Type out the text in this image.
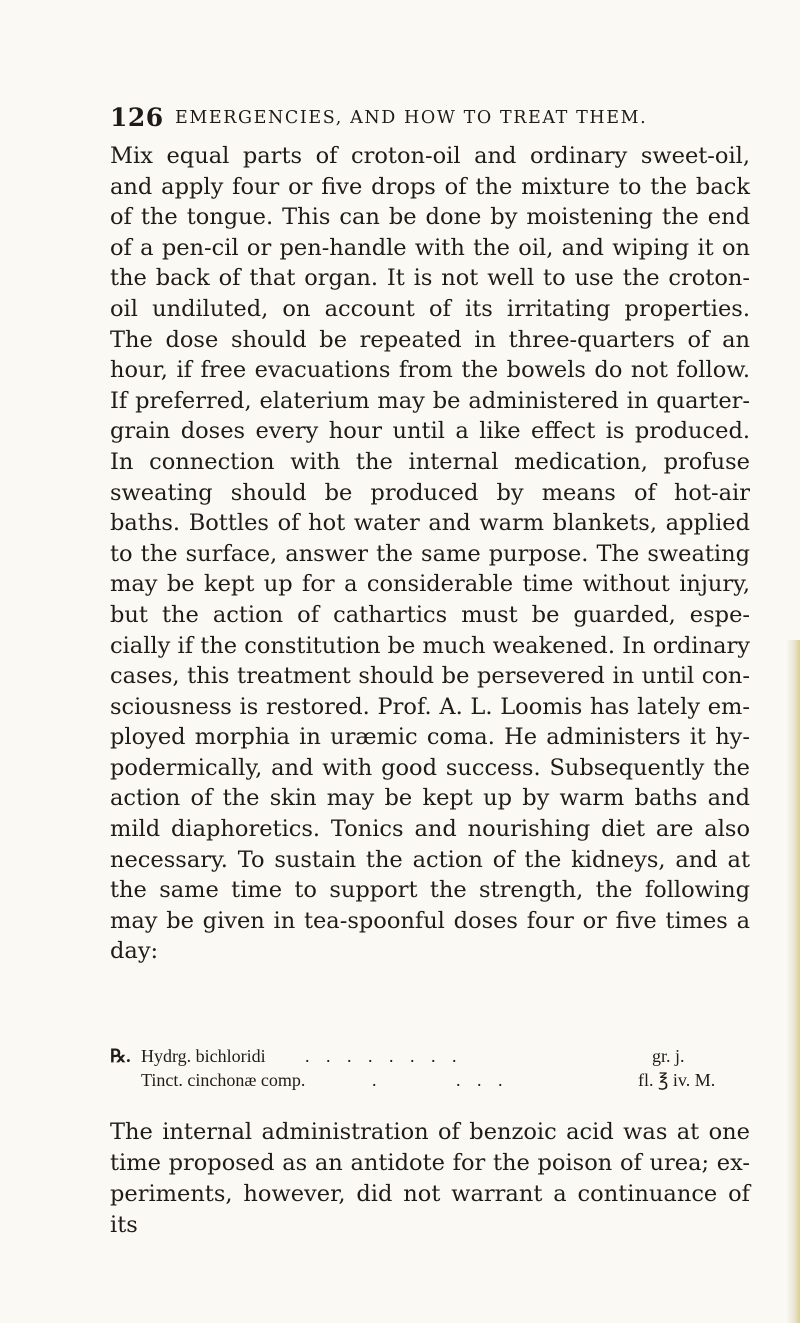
126 EMERGENCIES, AND HOW TO TREAT THEM.

Mix equal parts of croton-oil and ordinary sweet-oil, and apply four or five drops of the mixture to the back of the tongue. This can be done by moistening the end of a pen-cil or pen-handle with the oil, and wiping it on the back of that organ. It is not well to use the croton-oil undiluted, on account of its irritating properties. The dose should be repeated in three-quarters of an hour, if free evacuations from the bowels do not follow. If preferred, elaterium may be administered in quarter-grain doses every hour until a like effect is produced. In connection with the internal medication, profuse sweating should be produced by means of hot-air baths. Bottles of hot water and warm blankets, applied to the surface, answer the same purpose. The sweating may be kept up for a considerable time without injury, but the action of cathartics must be guarded, espe-cially if the constitution be much weakened. In ordinary cases, this treatment should be persevered in until con-sciousness is restored. Prof. A. L. Loomis has lately em-ployed morphia in uræmic coma. He administers it hy-podermically, and with good success. Subsequently the action of the skin may be kept up by warm baths and mild diaphoretics. Tonics and nourishing diet are also necessary. To sustain the action of the kidneys, and at the same time to support the strength, the following may be given in tea-spoonful doses four or five times a day:

℞. Hydrg. bichloridi . . . . . . . .	gr. j.
Tinct. cinchonæ comp.	.       . . .	fl. ℥ iv. M.
The internal administration of benzoic acid was at one
time proposed as an antidote for the poison of urea; ex-
periments, however, did not warrant a continuance of its
